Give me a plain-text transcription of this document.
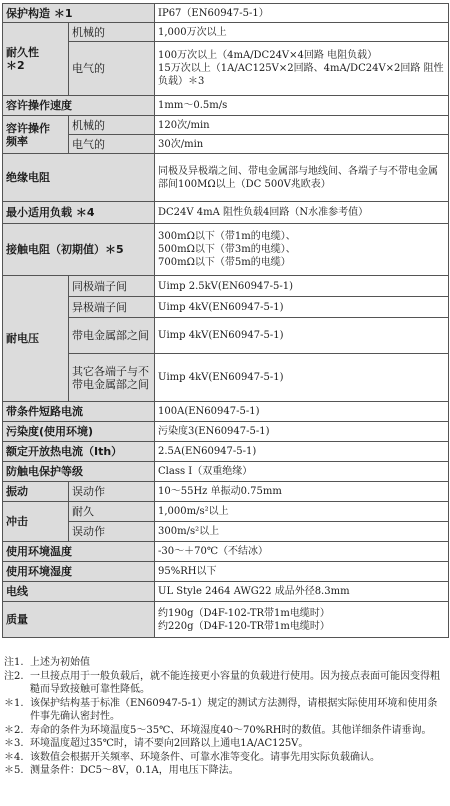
保护构造 ＊1		IP67（EN60947-5-1）
耐久性
＊2	机械的	1,000万次以上
	电气的	100万次以上（4mA/DC24V×4回路 电阻负载）
15万次以上（1A/AC125V×2回路、4mA/DC24V×2回路 阻性负载）＊3
容许操作速度		1mm～0.5m/s
容许操作
频率	机械的	120次/min
	电气的	30次/min
绝缘电阻		同极及异极端之间、带电金属部与地线间、各端子与不带电金属部间100MΩ以上（DC 500V兆欧表）
最小适用负载 ＊4		DC24V 4mA 阻性负载4回路（N水准参考值）
接触电阻（初期值）＊5		300mΩ以下（带1m的电缆）、
500mΩ以下（带3m的电缆）、
700mΩ以下（带5m的电缆）
耐电压	同极端子间	Uimp 2.5kV(EN60947-5-1)
	异极端子间	Uimp 4kV(EN60947-5-1)
	带电金属部之间	Uimp 4kV(EN60947-5-1)
	其它各端子与不带电金属部之间	Uimp 4kV(EN60947-5-1)
带条件短路电流		100A(EN60947-5-1)
污染度(使用环境)		污染度3(EN60947-5-1)
额定开放热电流（Ith）		2.5A(EN60947-5-1)
防触电保护等级		Class Ⅰ（双重绝缘）
振动	误动作	10～55Hz 单振动0.75mm
冲击	耐久	1,000m/s²以上
	误动作	300m/s²以上
使用环境温度		-30～＋70℃（不结冰）
使用环境湿度		95%RH以下
电线		UL Style 2464 AWG22 成品外径8.3mm
质量		约190g（D4F-102-TR带1m电缆时）
约220g（D4F-120-TR带1m电缆时）
注1. 上述为初始值
注2. 一旦接点用于一般负载后，就不能连接更小容量的负载进行使用。因为接点表面可能因变得粗糙而导致接触可靠性降低。
＊1. 该保护结构基于标准（EN60947-5-1）规定的测试方法测得，请根据实际使用环境和使用条件事先确认密封性。
＊2. 寿命的条件为环境温度5～35℃、环境湿度40～70%RH时的数值。其他详细条件请垂询。
＊3. 环境温度超过35℃时，请不要向2回路以上通电1A/AC125V。
＊4. 该数值会根据开关频率、环境条件、可靠水准等变化。请事先用实际负载确认。
＊5. 测量条件：DC5～8V，0.1A，用电压下降法。
